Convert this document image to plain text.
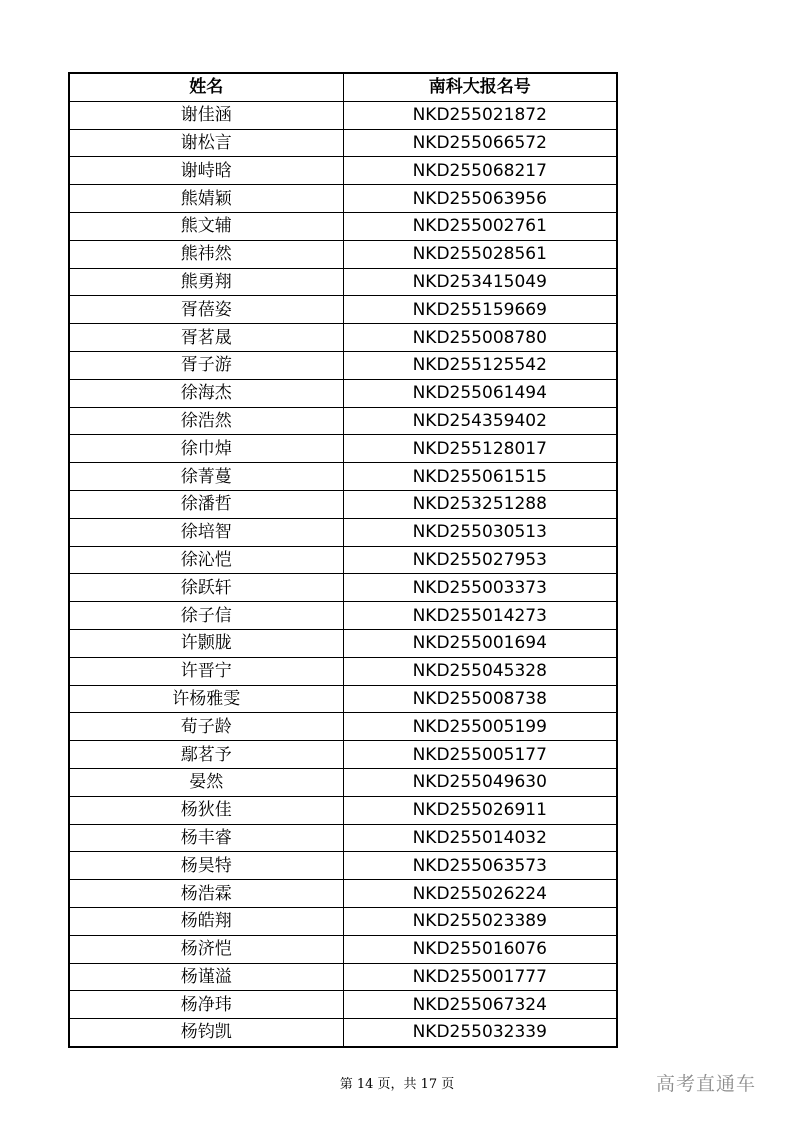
姓名	南科大报名号
谢佳涵	NKD255021872
谢松言	NKD255066572
谢峙晗	NKD255068217
熊婧颖	NKD255063956
熊文辅	NKD255002761
熊祎然	NKD255028561
熊勇翔	NKD253415049
胥蓓姿	NKD255159669
胥茗晟	NKD255008780
胥子游	NKD255125542
徐海杰	NKD255061494
徐浩然	NKD254359402
徐巾焯	NKD255128017
徐菁蔓	NKD255061515
徐潘哲	NKD253251288
徐培智	NKD255030513
徐沁恺	NKD255027953
徐跃轩	NKD255003373
徐子信	NKD255014273
许颢胧	NKD255001694
许晋宁	NKD255045328
许杨雅雯	NKD255008738
荀子龄	NKD255005199
鄢茗予	NKD255005177
晏然	NKD255049630
杨狄佳	NKD255026911
杨丰睿	NKD255014032
杨昊特	NKD255063573
杨浩霖	NKD255026224
杨皓翔	NKD255023389
杨济恺	NKD255016076
杨谨溢	NKD255001777
杨净玮	NKD255067324
杨钧凯	NKD255032339
第 14 页，共 17 页	高考直通车
